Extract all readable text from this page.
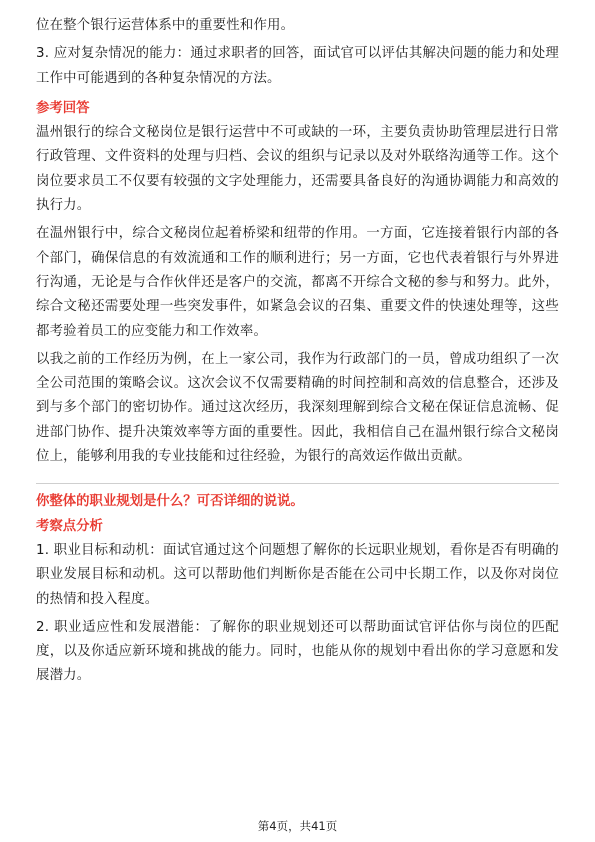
位在整个银行运营体系中的重要性和作用。

3. 应对复杂情况的能力：通过求职者的回答，面试官可以评估其解决问题的能力和处理工作中可能遇到的各种复杂情况的方法。

参考回答

温州银行的综合文秘岗位是银行运营中不可或缺的一环，主要负责协助管理层进行日常行政管理、文件资料的处理与归档、会议的组织与记录以及对外联络沟通等工作。这个岗位要求员工不仅要有较强的文字处理能力，还需要具备良好的沟通协调能力和高效的执行力。

在温州银行中，综合文秘岗位起着桥梁和纽带的作用。一方面，它连接着银行内部的各个部门，确保信息的有效流通和工作的顺利进行；另一方面，它也代表着银行与外界进行沟通，无论是与合作伙伴还是客户的交流，都离不开综合文秘的参与和努力。此外，综合文秘还需要处理一些突发事件，如紧急会议的召集、重要文件的快速处理等，这些都考验着员工的应变能力和工作效率。

以我之前的工作经历为例，在上一家公司，我作为行政部门的一员，曾成功组织了一次全公司范围的策略会议。这次会议不仅需要精确的时间控制和高效的信息整合，还涉及到与多个部门的密切协作。通过这次经历，我深刻理解到综合文秘在保证信息流畅、促进部门协作、提升决策效率等方面的重要性。因此，我相信自己在温州银行综合文秘岗位上，能够利用我的专业技能和过往经验，为银行的高效运作做出贡献。

你整体的职业规划是什么？可否详细的说说。
考察点分析

1. 职业目标和动机：面试官通过这个问题想了解你的长远职业规划，看你是否有明确的职业发展目标和动机。这可以帮助他们判断你是否能在公司中长期工作，以及你对岗位的热情和投入程度。

2. 职业适应性和发展潜能：了解你的职业规划还可以帮助面试官评估你与岗位的匹配度，以及你适应新环境和挑战的能力。同时，也能从你的规划中看出你的学习意愿和发展潜力。

第4页，共41页
